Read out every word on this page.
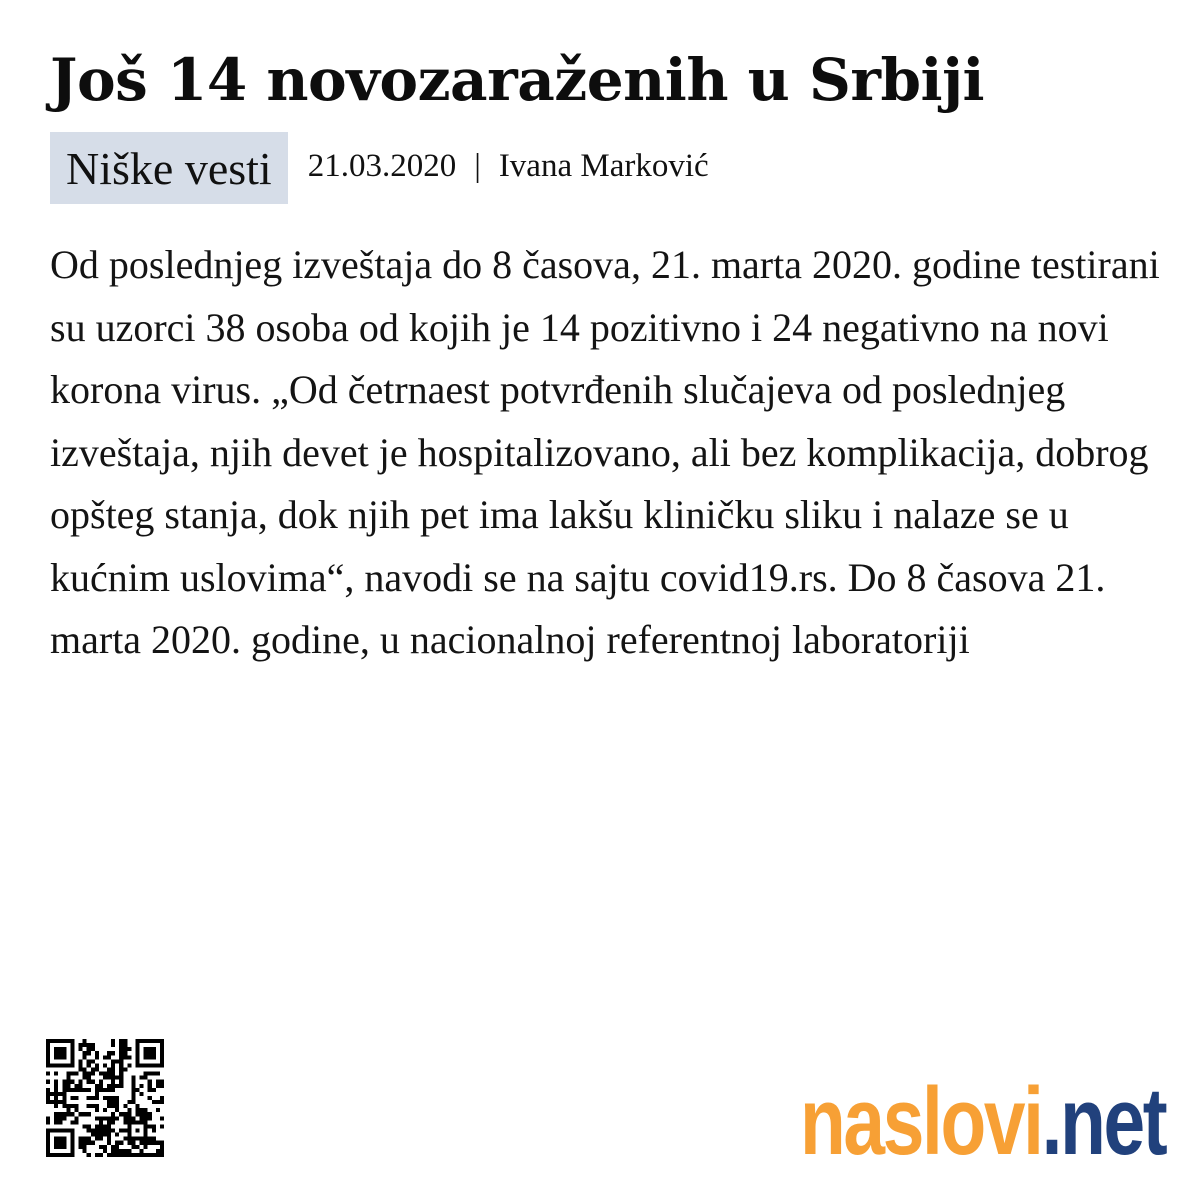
Još 14 novozaraženih u Srbiji
Niške vesti	21.03.2020 | Ivana Marković

Od poslednjeg izveštaja do 8 časova, 21. marta 2020. godine testirani su uzorci 38 osoba od kojih je 14 pozitivno i 24 negativno na novi korona virus. „Od četrnaest potvrđenih slučajeva od poslednjeg izveštaja, njih devet je hospitalizovano, ali bez komplikacija, dobrog opšteg stanja, dok njih pet ima lakšu kliničku sliku i nalaze se u kućnim uslovima“, navodi se na sajtu covid19.rs. Do 8 časova 21. marta 2020. godine, u nacionalnoj referentnoj laboratoriji

naslovi .net
